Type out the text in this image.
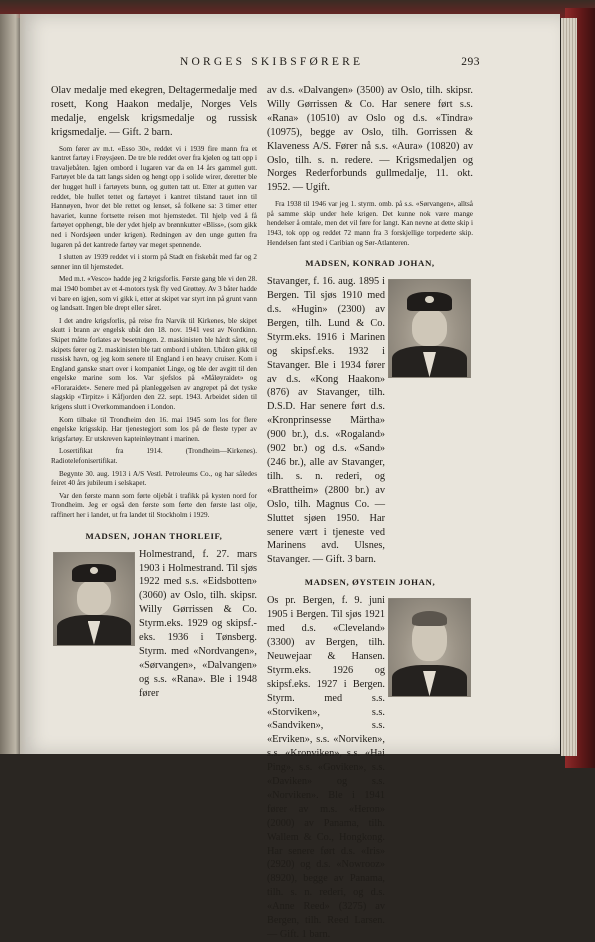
NORGES SKIBSFØRERE	293

Olav medalje med ekegren, Deltagermedalje med rosett, Kong Haakon medalje, Norges Vels medalje, engelsk krigsmedalje og russisk krigsmedalje. — Gift. 2 barn.

Som fører av m.t. «Esso 30», reddet vi i 1939 fire mann fra et kantret fartøy i Frøysjøen. De tre ble reddet over fra kjølen og tatt opp i travaljebåten. Igjen ombord i lugaren var da en 14 års gammel gutt. Fartøyet ble da tatt langs siden og hengt opp i solide wirer, deretter ble der hugget hull i fartøyets bunn, og gutten tatt ut. Etter at gutten var reddet, ble hullet tettet og fartøyet i kantret tilstand tauet inn til Hannøyen, hvor det ble rettet og lenset, så folkene sa: 3 timer etter havariet, kunne fortsette reisen mot hjemstedet. Til hjelp ved å få fartøyet opphengt, ble der ydet hjelp av brønnkutter «Bliss», (som gikk ned i Nordsjøen under krigen). Redningen av den unge gutten fra lugaren på det kantrede fartøy var meget spennende.

I slutten av 1939 reddet vi i storm på Stadt en fiskebåt med far og 2 sønner inn til hjemstedet.

Med m.t. «Vesco» hadde jeg 2 krigsforlis. Første gang ble vi den 28. mai 1940 bombet av et 4-motors tysk fly ved Grøttøy. Av 3 båter hadde vi bare en igjen, som vi gikk i, etter at skipet var styrt inn på grunt vann og landsatt. Ingen ble drept eller såret.

I det andre krigsforlis, på reise fra Narvik til Kirkenes, ble skipet skutt i brann av engelsk ubåt den 18. nov. 1941 vest av Nordkinn. Skipet måtte forlates av besetningen. 2. maskinisten ble hårdt såret, og skipets fører og 2. maskinisten ble tatt ombord i ubåten. Ubåten gikk til russisk havn, og jeg kom senere til England i en heavy cruiser. Kom i England ganske snart over i kompaniet Linge, og ble der avgitt til den engelske marine som los. Var sjefslos på «Måløyraidet» og «Floraraidet». Senere med på planleggelsen av angrepet på det tyske slagskip «Tirpitz» i Kåfjorden den 22. sept. 1943. Arbeidet siden til krigens slutt i Overkommandoen i London.

Kom tilbake til Trondheim den 16. mai 1945 som los for flere engelske krigsskip. Har tjenestegjort som los på de fleste typer av krigsfartøy. Er utskreven kapteinløytnant i marinen.

Losertifikat fra 1914. (Trondheim—Kirkenes). Radiotelefonisertifikat.

Begynte 30. aug. 1913 i A/S Vestl. Petroleums Co., og har således feiret 40 års jubileum i selskapet.

Var den første mann som førte oljebåt i trafikk på kysten nord for Trondheim. Jeg er også den første som førte den første last olje, raffinert her i landet, ut fra landet til Stockholm i 1929.

MADSEN, JOHAN THORLEIF,

Holmestrand, f. 27. mars 1903 i Holmestrand. Til sjøs 1922 med s.s. «Eidsbotten» (3060) av Oslo, tilh. skipsr. Willy Gørrissen & Co. Styrm.eks. 1929 og skipsf.-eks. 1936 i Tønsberg. Styrm. med «Nordvangen», «Sørvangen», «Dalvangen» og s.s. «Rana». Ble i 1948 fører

av d.s. «Dalvangen» (3500) av Oslo, tilh. skipsr. Willy Gørrissen & Co. Har senere ført s.s. «Rana» (10510) av Oslo og d.s. «Tindra» (10975), begge av Oslo, tilh. Gorrissen & Klaveness A/S. Fører nå s.s. «Aura» (10820) av Oslo, tilh. s. n. redere. — Krigsmedaljen og Norges Rederforbunds gullmedalje, 11. okt. 1952. — Ugift.

Fra 1938 til 1946 var jeg 1. styrm. omb. på s.s. «Sørvangen», alltså på samme skip under hele krigen. Det kunne nok være mange hendelser å omtale, men det vil føre for langt. Kan nevne at dette skip i 1943, tok opp og reddet 72 mann fra 3 forskjellige torpederte skip. Hendelsen fant sted i Caribian og Sør-Atlanteren.

MADSEN, KONRAD JOHAN,

Stavanger, f. 16. aug. 1895 i Bergen. Til sjøs 1910 med d.s. «Hugin» (2300) av Bergen, tilh. Lund & Co. Styrm.eks. 1916 i Marinen og skipsf.eks. 1932 i Stavanger. Ble i 1934 fører av d.s. «Kong Haakon» (876) av Stavanger, tilh. D.S.D. Har senere ført d.s. «Kronprinsesse Märtha» (900 br.), d.s. «Rogaland» (902 br.) og d.s. «Sand» (246 br.), alle av Stavanger, tilh. s. n. rederi, og «Brattheim» (2800 br.) av Oslo, tilh. Magnus Co. — Sluttet sjøen 1950. Har senere vært i tjeneste ved Marinens avd. Ulsnes, Stavanger. — Gift. 3 barn.

MADSEN, ØYSTEIN JOHAN,

Os pr. Bergen, f. 9. juni 1905 i Bergen. Til sjøs 1921 med d.s. «Cleveland» (3300) av Bergen, tilh. Neuwejaar & Hansen. Styrm.eks. 1926 og skipsf.eks. 1927 i Bergen. Styrm. med s.s. «Storviken», s.s. «Sandviken», s.s. «Erviken», s.s. «Norviken», s.s. «Kronviken», s.s. «Hai Ping», s.s. «Goviken», s.s. «Daviken» og s.s. «Norviken». Ble i 1941 fører av m.s. «Heron» (2000) av Panama, tilh. Wallem & Co., Hongkong. Har senere ført d.s. «Iris» (2920) og d.s. «Nowrooz» (8920), begge av Panama, tilh. s. n. rederi, og d.s. «Anne Reed» (3275) av Bergen, tilh. Reed Larsen. — Gift. 1 barn.
